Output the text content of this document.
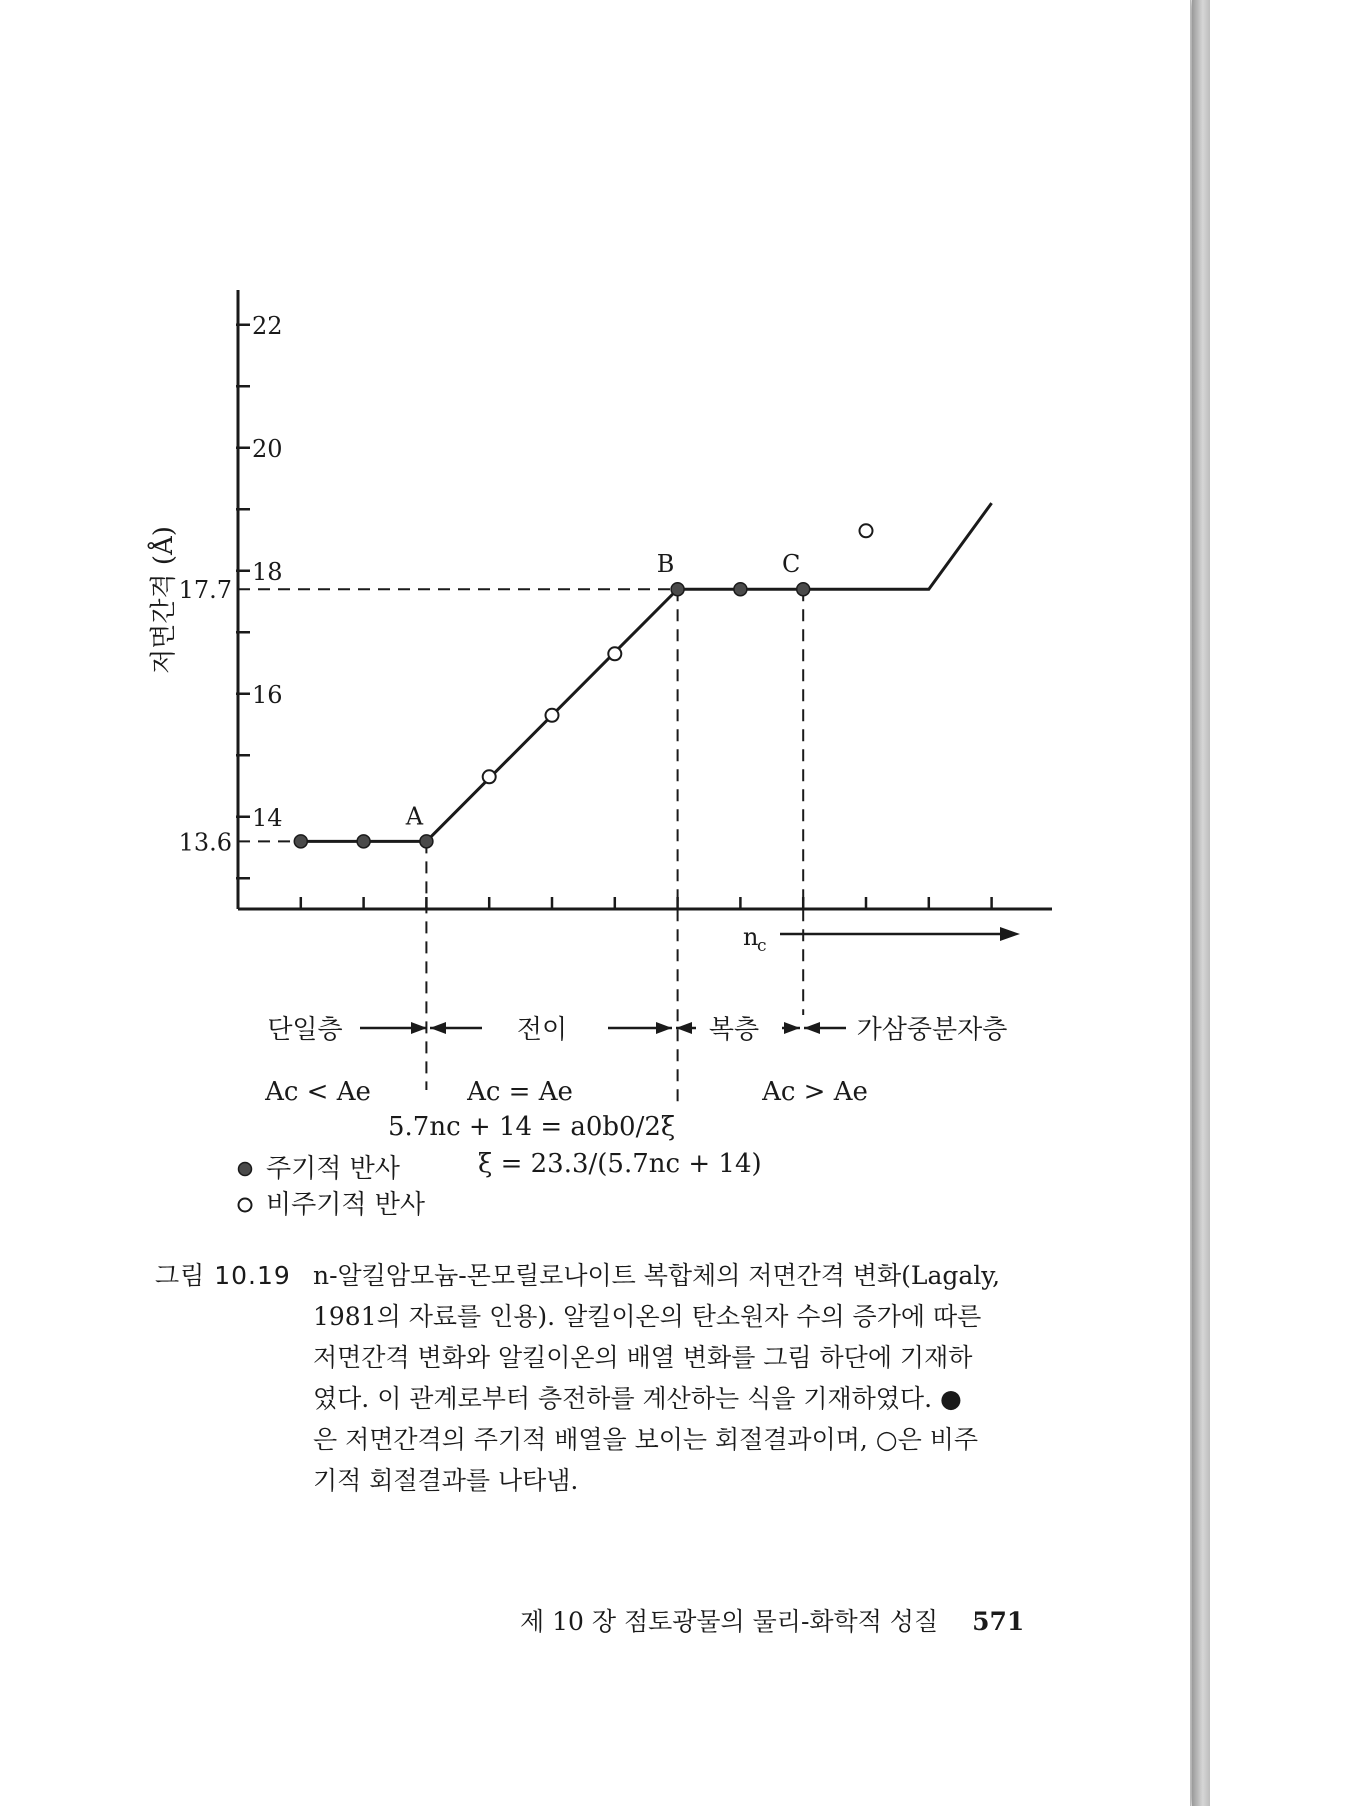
22
20
18
16
14
저면간격 (Å)
n
c
17.7
13.6
A
B	C
단일층	전이	복층	가삼중분자층
Ac < Ae	Ac = Ae	Ac > Ae
5.7nc + 14 = a0b0/2ξ
ξ = 23.3/(5.7nc + 14)
주기적 반사
비주기적 반사
그림 10.19 n-알킬암모늄-몬모릴로나이트 복합체의 저면간격 변화(Lagaly,
1981의 자료를 인용). 알킬이온의 탄소원자 수의 증가에 따른
저면간격 변화와 알킬이온의 배열 변화를 그림 하단에 기재하
였다. 이 관계로부터 층전하를 계산하는 식을 기재하였다. ●
은 저면간격의 주기적 배열을 보이는 회절결과이며, ○은 비주
기적 회절결과를 나타냄.
제 10 장 점토광물의 물리-화학적 성질 571
